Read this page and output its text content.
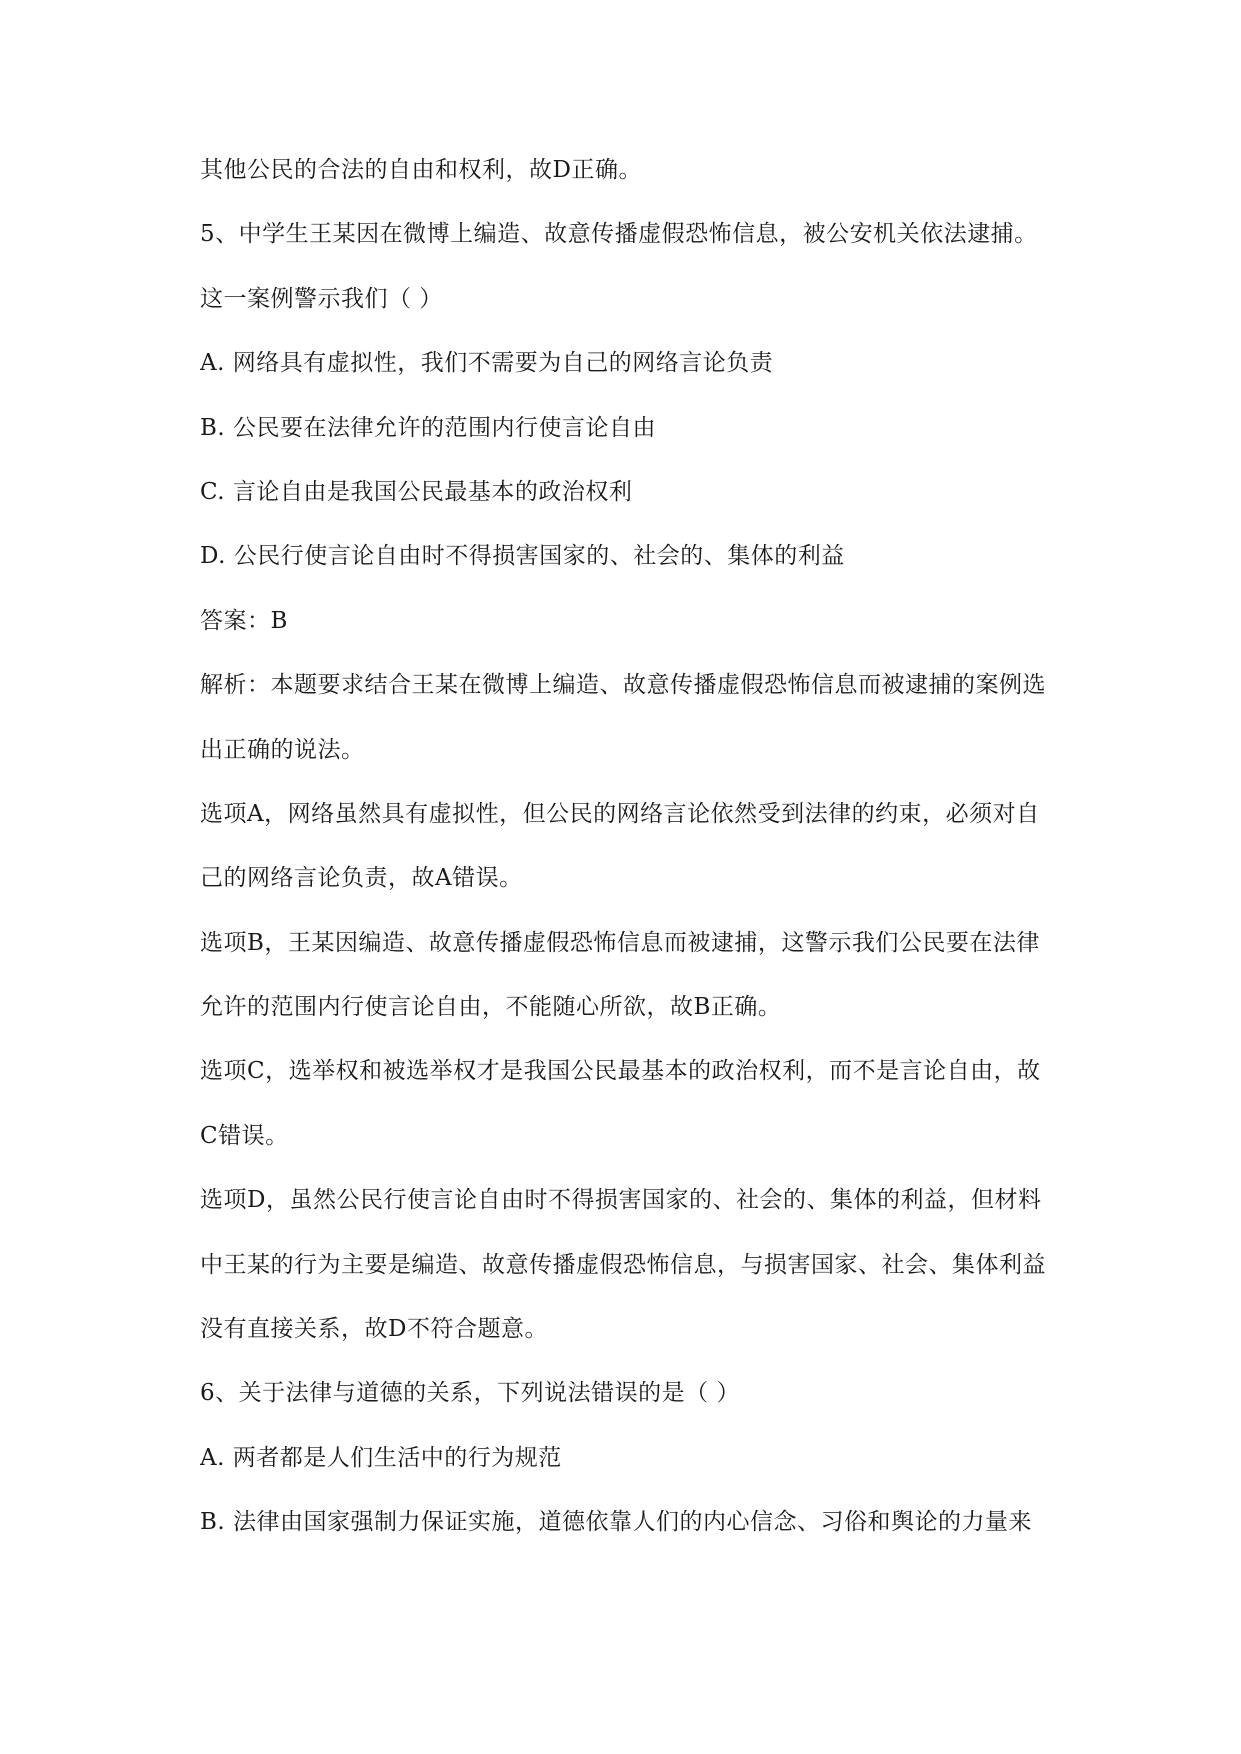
其他公民的合法的自由和权利，故D正确。
5、中学生王某因在微博上编造、故意传播虚假恐怖信息，被公安机关依法逮捕。
这一案例警示我们（ ）
A. 网络具有虚拟性，我们不需要为自己的网络言论负责
B. 公民要在法律允许的范围内行使言论自由
C. 言论自由是我国公民最基本的政治权利
D. 公民行使言论自由时不得损害国家的、社会的、集体的利益
答案：B
解析：本题要求结合王某在微博上编造、故意传播虚假恐怖信息而被逮捕的案例选
出正确的说法。
选项A，网络虽然具有虚拟性，但公民的网络言论依然受到法律的约束，必须对自
己的网络言论负责，故A错误。
选项B，王某因编造、故意传播虚假恐怖信息而被逮捕，这警示我们公民要在法律
允许的范围内行使言论自由，不能随心所欲，故B正确。
选项C，选举权和被选举权才是我国公民最基本的政治权利，而不是言论自由，故
C错误。
选项D，虽然公民行使言论自由时不得损害国家的、社会的、集体的利益，但材料
中王某的行为主要是编造、故意传播虚假恐怖信息，与损害国家、社会、集体利益
没有直接关系，故D不符合题意。
6、关于法律与道德的关系，下列说法错误的是（ ）
A. 两者都是人们生活中的行为规范
B. 法律由国家强制力保证实施，道德依靠人们的内心信念、习俗和舆论的力量来
